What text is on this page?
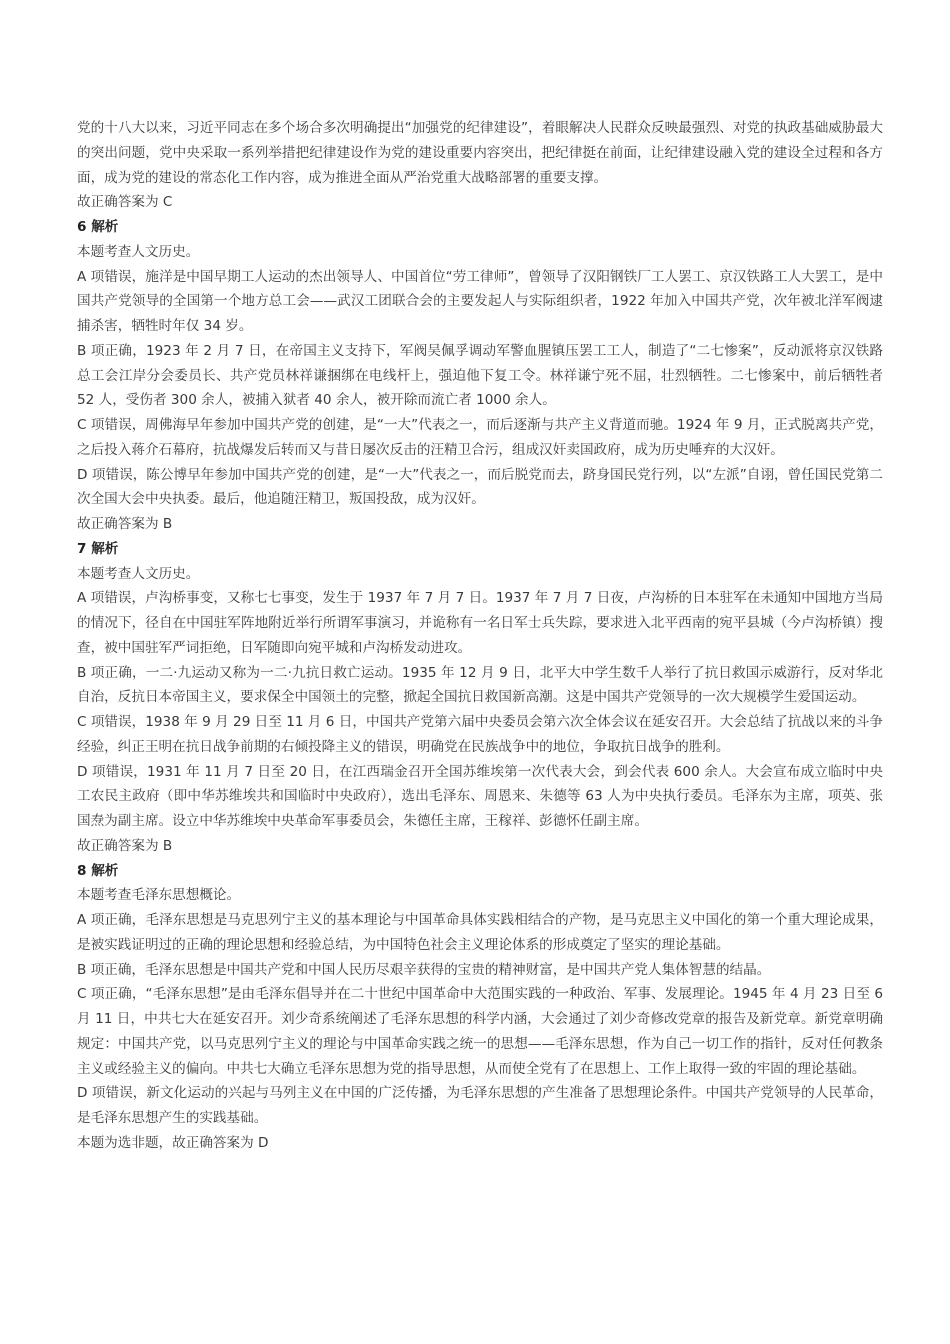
党的十八大以来，习近平同志在多个场合多次明确提出“加强党的纪律建设”，着眼解决人民群众反映最强烈、对党的执政基础威胁最大的突出问题，党中央采取一系列举措把纪律建设作为党的建设重要内容突出，把纪律挺在前面，让纪律建设融入党的建设全过程和各方面，成为党的建设的常态化工作内容，成为推进全面从严治党重大战略部署的重要支撑。

故正确答案为 C

6 解析

本题考查人文历史。

A 项错误，施洋是中国早期工人运动的杰出领导人、中国首位“劳工律师”，曾领导了汉阳钢铁厂工人罢工、京汉铁路工人大罢工，是中国共产党领导的全国第一个地方总工会——武汉工团联合会的主要发起人与实际组织者，1922 年加入中国共产党，次年被北洋军阀逮捕杀害，牺牲时年仅 34 岁。

B 项正确，1923 年 2 月 7 日，在帝国主义支持下，军阀吴佩孚调动军警血腥镇压罢工工人，制造了“二七惨案”，反动派将京汉铁路总工会江岸分会委员长、共产党员林祥谦捆绑在电线杆上，强迫他下复工令。林祥谦宁死不屈，壮烈牺牲。二七惨案中，前后牺牲者 52 人，受伤者 300 余人，被捕入狱者 40 余人，被开除而流亡者 1000 余人。

C 项错误，周佛海早年参加中国共产党的创建，是“一大”代表之一，而后逐渐与共产主义背道而驰。1924 年 9 月，正式脱离共产党，之后投入蒋介石幕府，抗战爆发后转而又与昔日屡次反击的汪精卫合污，组成汉奸卖国政府，成为历史唾弃的大汉奸。

D 项错误，陈公博早年参加中国共产党的创建，是“一大”代表之一，而后脱党而去，跻身国民党行列，以“左派”自诩，曾任国民党第二次全国大会中央执委。最后，他追随汪精卫，叛国投敌，成为汉奸。

故正确答案为 B

7 解析

本题考查人文历史。

A 项错误，卢沟桥事变，又称七七事变，发生于 1937 年 7 月 7 日。1937 年 7 月 7 日夜，卢沟桥的日本驻军在未通知中国地方当局的情况下，径自在中国驻军阵地附近举行所谓军事演习，并诡称有一名日军士兵失踪，要求进入北平西南的宛平县城（今卢沟桥镇）搜查，被中国驻军严词拒绝，日军随即向宛平城和卢沟桥发动进攻。

B 项正确，一二·九运动又称为一二·九抗日救亡运动。1935 年 12 月 9 日，北平大中学生数千人举行了抗日救国示威游行，反对华北自治，反抗日本帝国主义，要求保全中国领土的完整，掀起全国抗日救国新高潮。这是中国共产党领导的一次大规模学生爱国运动。

C 项错误，1938 年 9 月 29 日至 11 月 6 日，中国共产党第六届中央委员会第六次全体会议在延安召开。大会总结了抗战以来的斗争经验，纠正王明在抗日战争前期的右倾投降主义的错误，明确党在民族战争中的地位，争取抗日战争的胜利。

D 项错误，1931 年 11 月 7 日至 20 日，在江西瑞金召开全国苏维埃第一次代表大会，到会代表 600 余人。大会宣布成立临时中央工农民主政府（即中华苏维埃共和国临时中央政府），选出毛泽东、周恩来、朱德等 63 人为中央执行委员。毛泽东为主席，项英、张国焘为副主席。设立中华苏维埃中央革命军事委员会，朱德任主席，王稼祥、彭德怀任副主席。

故正确答案为 B

8 解析

本题考查毛泽东思想概论。

A 项正确，毛泽东思想是马克思列宁主义的基本理论与中国革命具体实践相结合的产物，是马克思主义中国化的第一个重大理论成果，是被实践证明过的正确的理论思想和经验总结，为中国特色社会主义理论体系的形成奠定了坚实的理论基础。

B 项正确，毛泽东思想是中国共产党和中国人民历尽艰辛获得的宝贵的精神财富，是中国共产党人集体智慧的结晶。

C 项正确，“毛泽东思想”是由毛泽东倡导并在二十世纪中国革命中大范围实践的一种政治、军事、发展理论。1945 年 4 月 23 日至 6 月 11 日，中共七大在延安召开。刘少奇系统阐述了毛泽东思想的科学内涵，大会通过了刘少奇修改党章的报告及新党章。新党章明确规定：中国共产党，以马克思列宁主义的理论与中国革命实践之统一的思想——毛泽东思想，作为自己一切工作的指针，反对任何教条主义或经验主义的偏向。中共七大确立毛泽东思想为党的指导思想，从而使全党有了在思想上、工作上取得一致的牢固的理论基础。

D 项错误，新文化运动的兴起与马列主义在中国的广泛传播，为毛泽东思想的产生准备了思想理论条件。中国共产党领导的人民革命，是毛泽东思想产生的实践基础。

本题为选非题，故正确答案为 D
